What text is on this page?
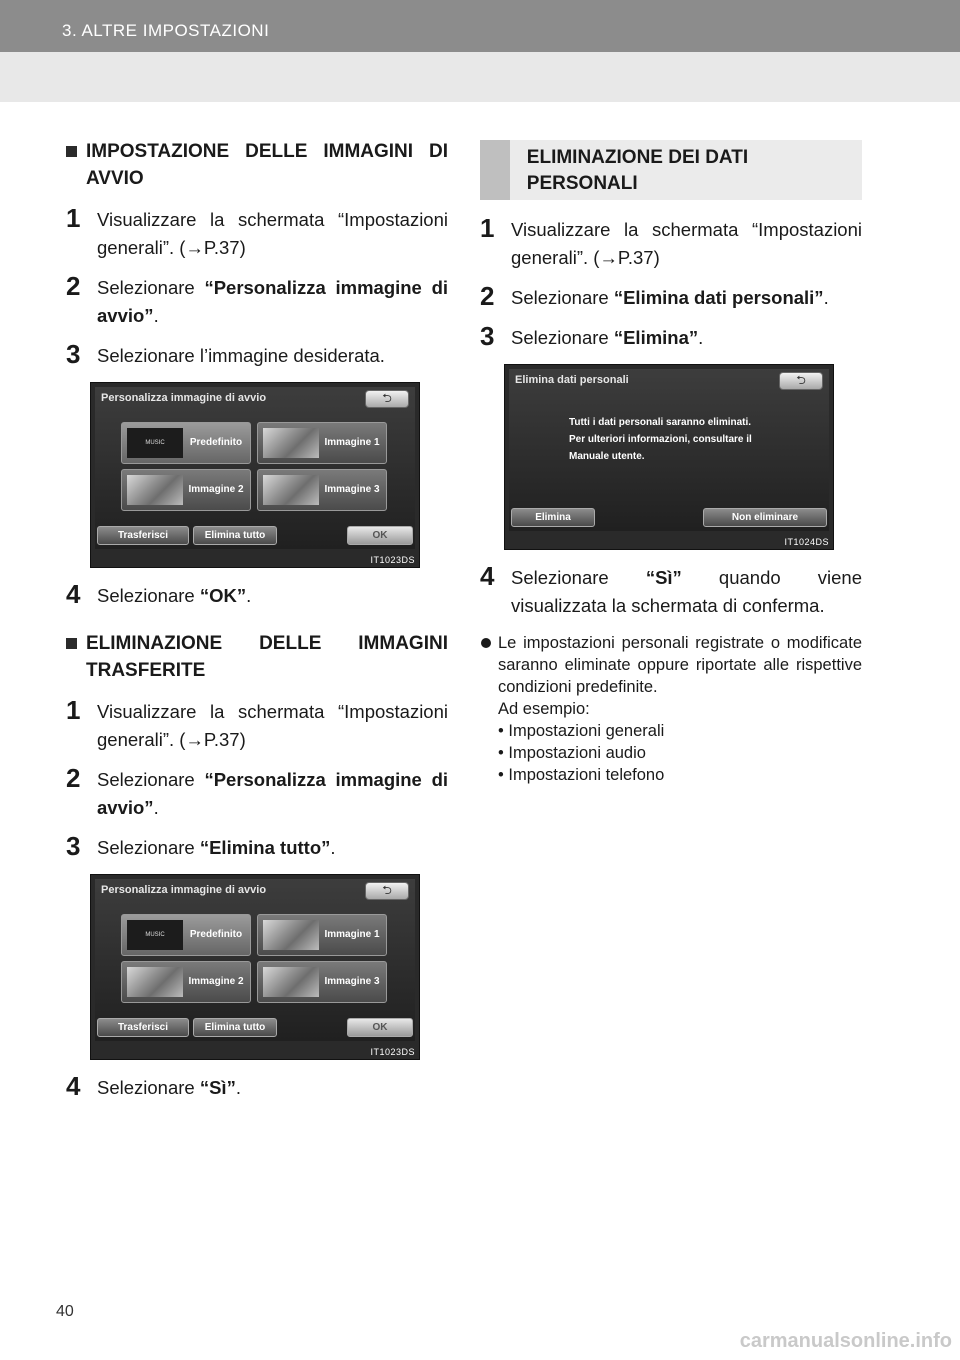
3. ALTRE IMPOSTAZIONI
IMPOSTAZIONE DELLE IMMAGINI DI AVVIO
1 Visualizzare la schermata “Impostazioni generali”. (→P.37)
2 Selezionare “Personalizza immagine di avvio”.
3 Selezionare l’immagine desiderata.
Personalizza immagine di avvio	⮌
MUSIC	Predefinito	Immagine 1
Immagine 2	Immagine 3
Trasferisci	Elimina tutto	OK
IT1023DS
4 Selezionare “OK”.
ELIMINAZIONE DELLE IMMAGINI TRASFERITE
1 Visualizzare la schermata “Impostazioni generali”. (→P.37)
2 Selezionare “Personalizza immagine di avvio”.
3 Selezionare “Elimina tutto”.
Personalizza immagine di avvio	⮌
MUSIC	Predefinito	Immagine 1
Immagine 2	Immagine 3
Trasferisci	Elimina tutto	OK
IT1023DS
4 Selezionare “Sì”.
ELIMINAZIONE DEI DATI PERSONALI
1 Visualizzare la schermata “Impostazioni generali”. (→P.37)
2 Selezionare “Elimina dati personali”.
3 Selezionare “Elimina”.
Elimina dati personali	⮌
Tutti i dati personali saranno eliminati.
Per ulteriori informazioni, consultare il
Manuale utente.
Elimina	Non eliminare
IT1024DS
4 Selezionare “Sì” quando viene visualizzata la schermata di conferma.
Le impostazioni personali registrate o modificate saranno eliminate oppure riportate alle rispettive condizioni predefinite.
Ad esempio:
• Impostazioni generali
• Impostazioni audio
• Impostazioni telefono
40
carmanualsonline.info
